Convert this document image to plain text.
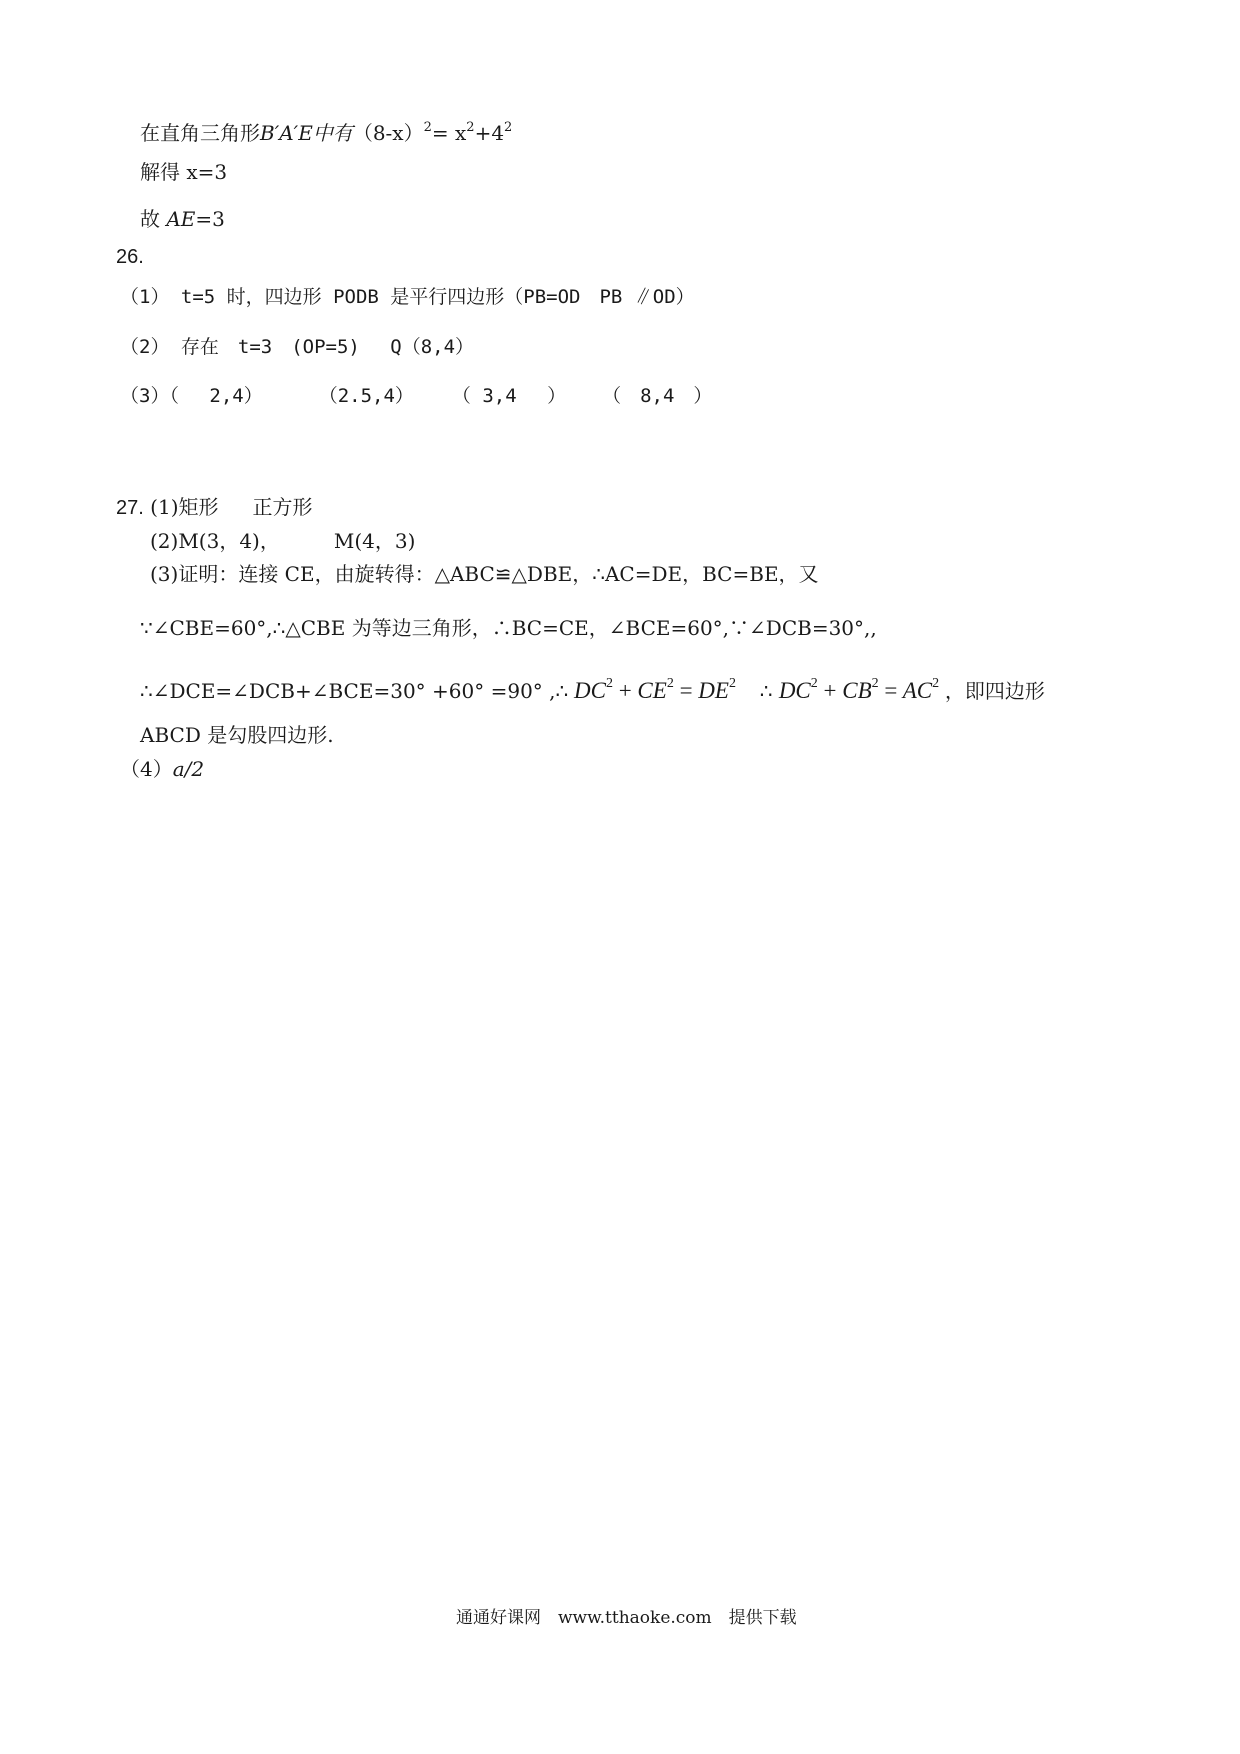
在直角三角形B′A′E中有$(8-x)^2= x^2+4^2$
解得 x=3
故 AE=3
26.
（1） t=5 时，四边形 PODB 是平行四边形（PB=OD　PB ∥OD）
（2） 存在　t=3　(OP=5)　 Q（8,4）
（3）（　 2,4）	（2.5,4） （ 3,4　 ） （　8,4　）
27. (1)矩形 正方形
(2)M(3，4)，	M(4，3)
(3)证明：连接 CE，由旋转得：△ABC≌△DBE，∴AC=DE，BC=BE，又
∵∠CBE=60°,∴△CBE 为等边三角形，∴BC=CE，∠BCE=60°,∵∠DCB=30°,,
∴∠DCE=∠DCB+∠BCE=30° +60° =90° ,∴ $DC^2 + CE^2 = DE^2$ ∴ $DC^2 + CB^2 = AC^2$ ，即四边形
ABCD 是勾股四边形.
（4）a/2
通通好课网　www.tthaoke.com　提供下载
